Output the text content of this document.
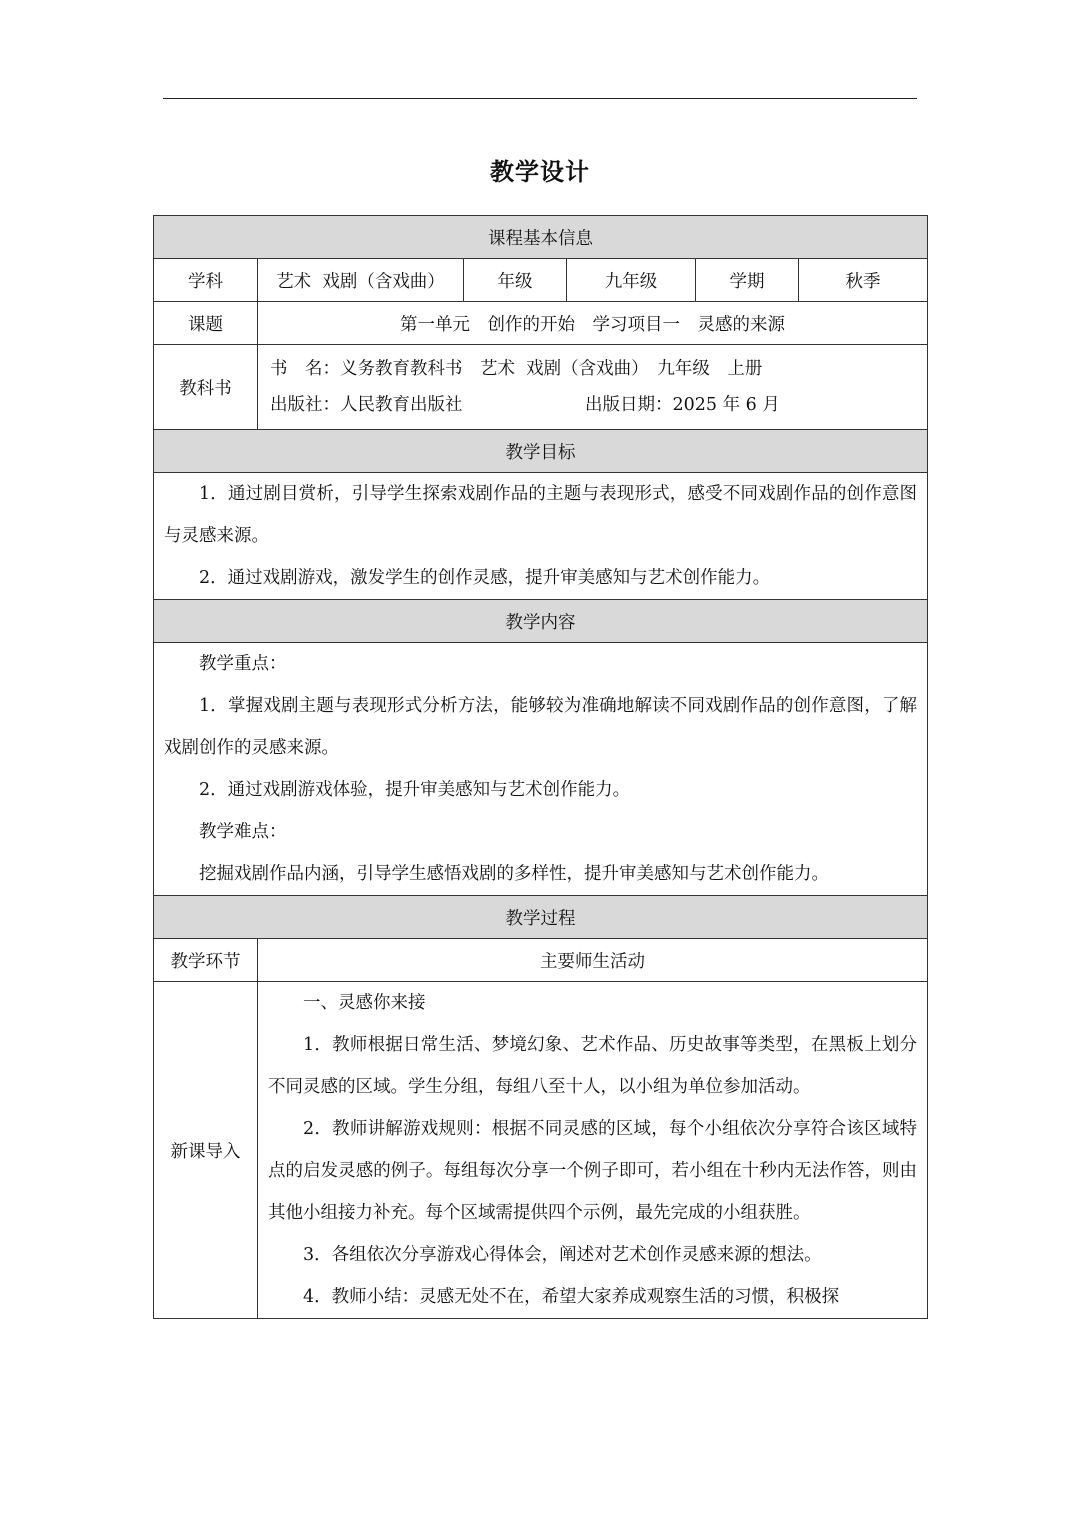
教学设计
课程基本信息					
学科	艺术  戏剧（含戏曲）	年级	九年级	学期	秋季
课题	第一单元　创作的开始　学习项目一　灵感的来源				
教科书	书　名：义务教育教科书　艺术  戏剧（含戏曲）　九年级　上册
出版社：人民教育出版社　　　　　　　出版日期：2025 年 6 月				

教学目标					

1．通过剧目赏析，引导学生探索戏剧作品的主题与表现形式，感受不同戏剧作品的创作意图与灵感来源。
2．通过戏剧游戏，激发学生的创作灵感，提升审美感知与艺术创作能力。					

教学内容					

教学重点：
1．掌握戏剧主题与表现形式分析方法，能够较为准确地解读不同戏剧作品的创作意图，了解戏剧创作的灵感来源。
2．通过戏剧游戏体验，提升审美感知与艺术创作能力。
教学难点：
挖掘戏剧作品内涵，引导学生感悟戏剧的多样性，提升审美感知与艺术创作能力。					

教学过程					
教学环节	主要师生活动				
新课导入	一、灵感你来接
1．教师根据日常生活、梦境幻象、艺术作品、历史故事等类型，在黑板上划分不同灵感的区域。学生分组，每组八至十人，以小组为单位参加活动。
2．教师讲解游戏规则：根据不同灵感的区域，每个小组依次分享符合该区域特点的启发灵感的例子。每组每次分享一个例子即可，若小组在十秒内无法作答，则由其他小组接力补充。每个区域需提供四个示例，最先完成的小组获胜。
3．各组依次分享游戏心得体会，阐述对艺术创作灵感来源的想法。
4．教师小结：灵感无处不在，希望大家养成观察生活的习惯，积极探				
